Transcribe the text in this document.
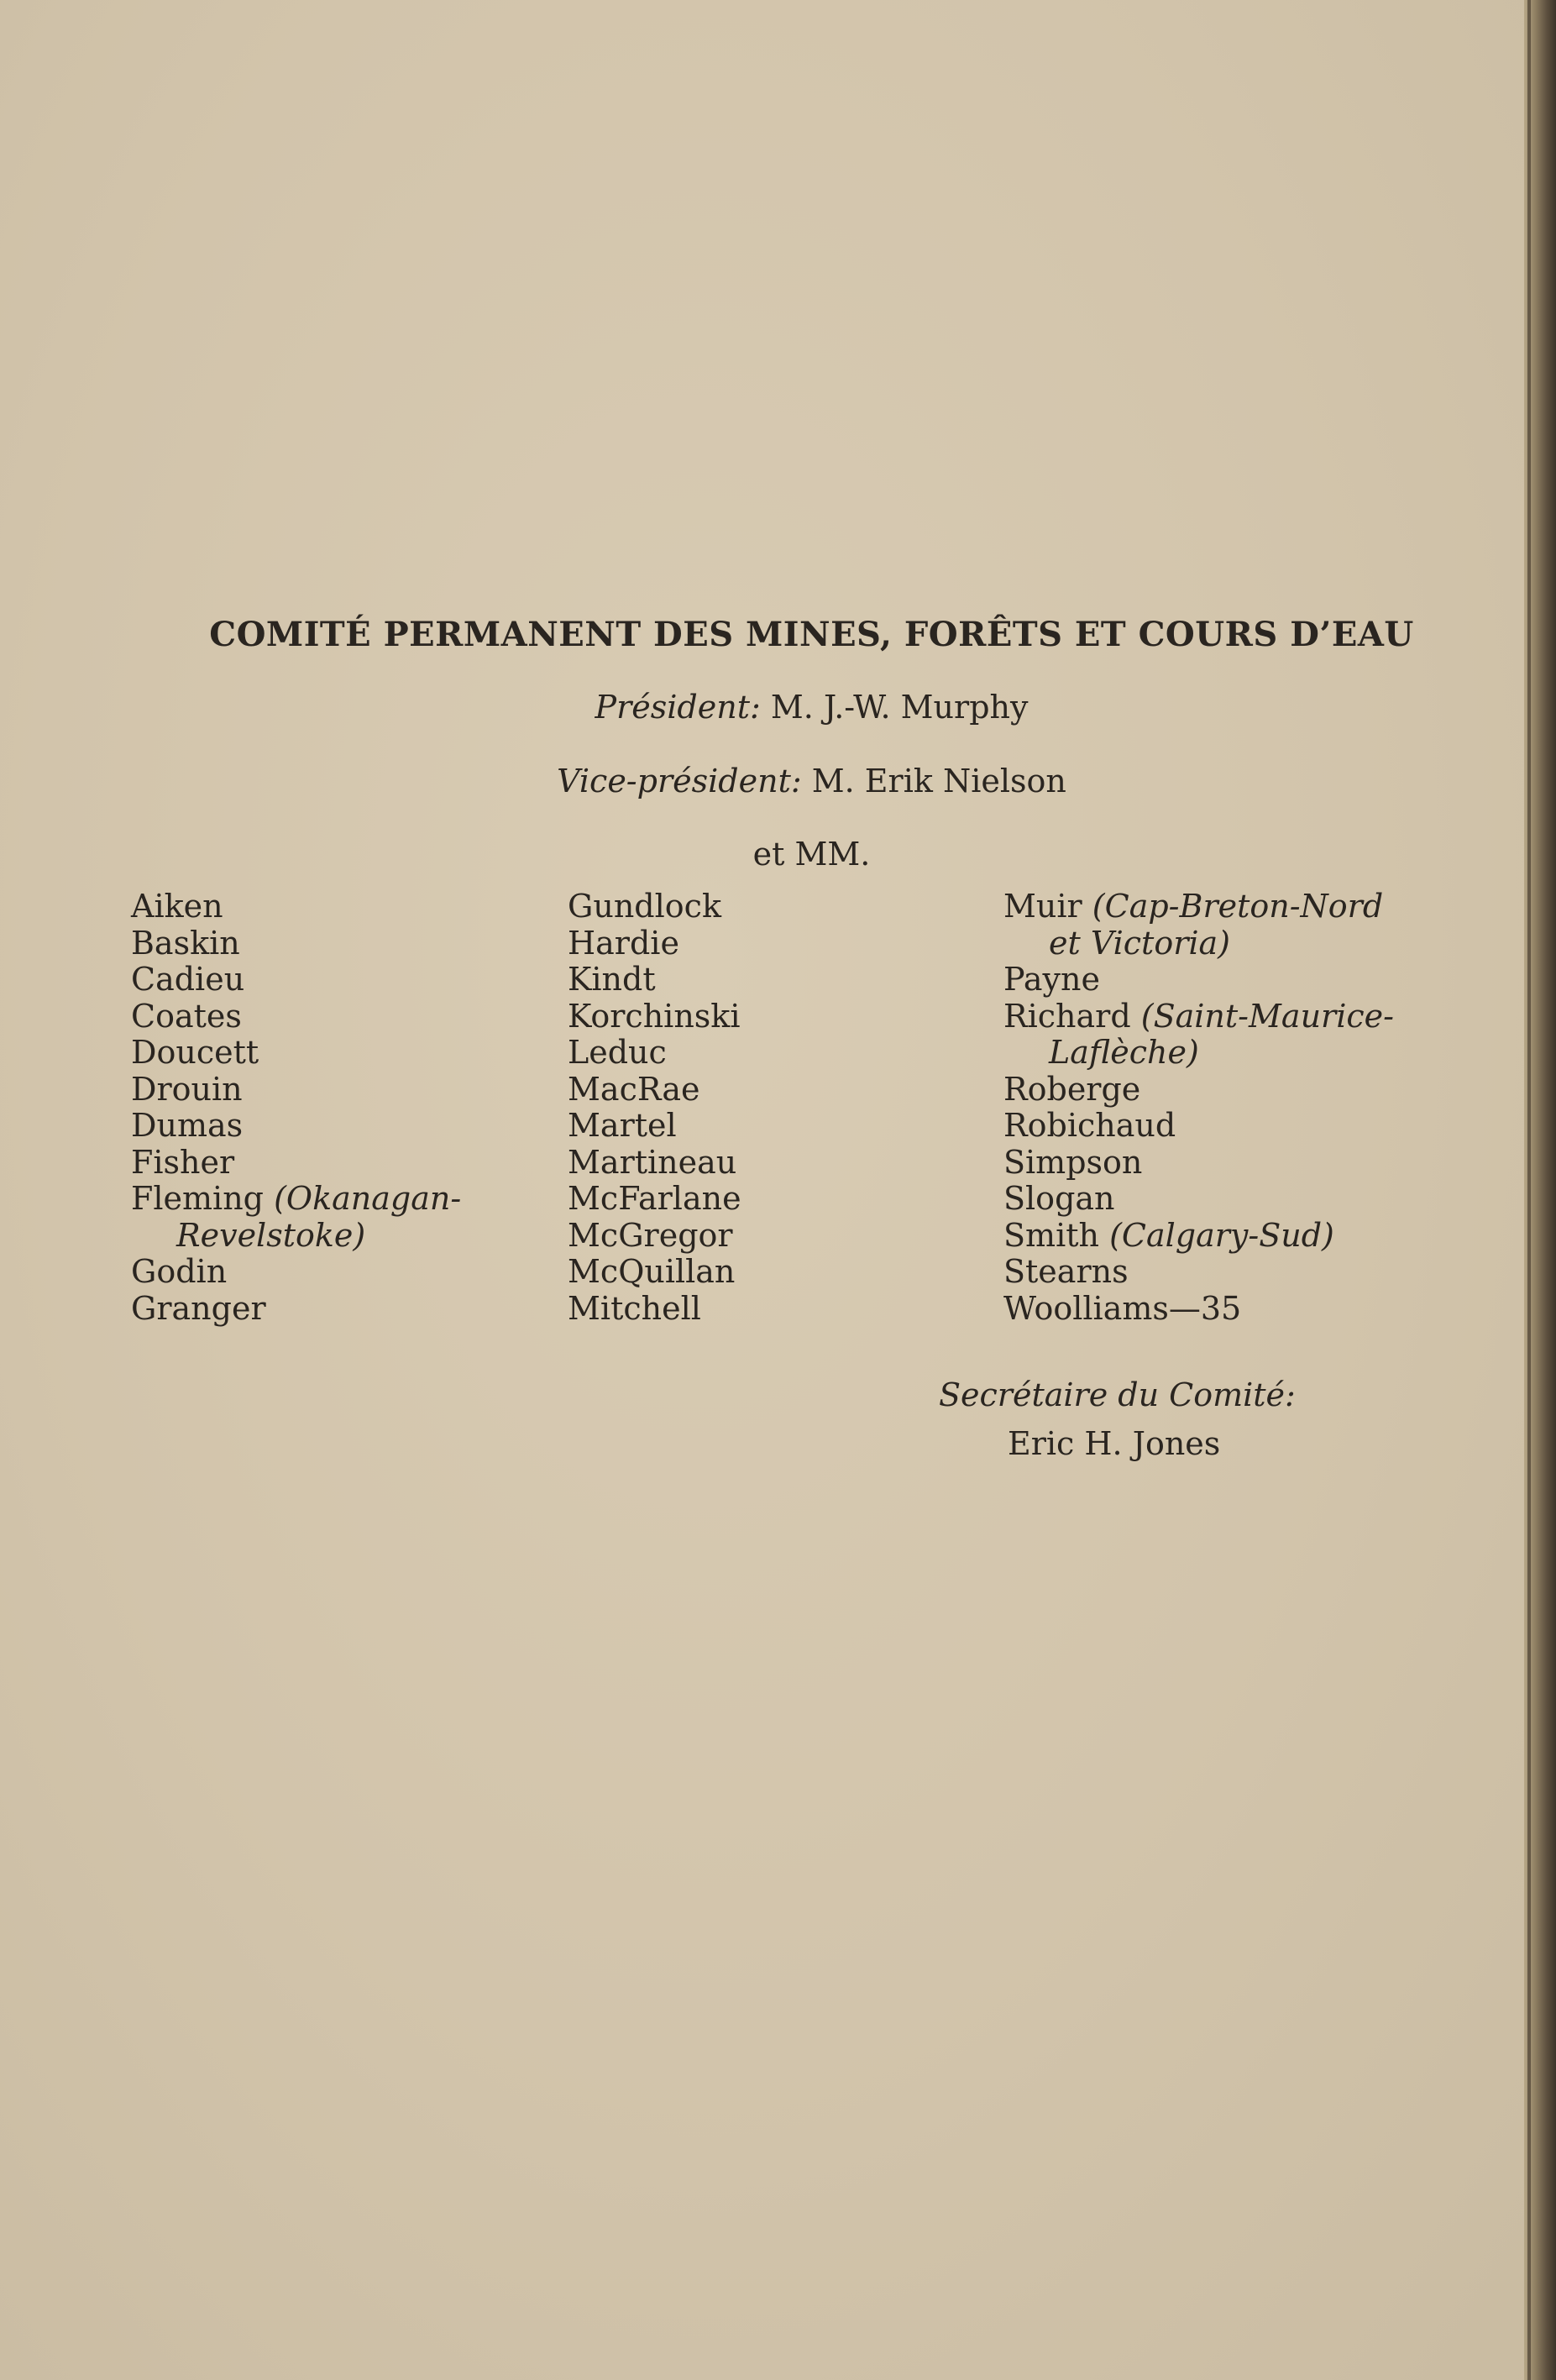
COMITÉ PERMANENT DES MINES, FORÊTS ET COURS D’EAU
Président: M. J.-W. Murphy
Vice-président: M. Erik Nielson
et MM.
Aiken
Baskin
Cadieu
Coates
Doucett
Drouin
Dumas
Fisher
Fleming (Okanagan-
Revelstoke)
Godin
Granger
Gundlock
Hardie
Kindt
Korchinski
Leduc
MacRae
Martel
Martineau
McFarlane
McGregor
McQuillan
Mitchell
Muir (Cap-Breton-Nord
et Victoria)
Payne
Richard (Saint-Maurice-
Laflèche)
Roberge
Robichaud
Simpson
Slogan
Smith (Calgary-Sud)
Stearns
Woolliams—35
Secrétaire du Comité:
Eric H. Jones
